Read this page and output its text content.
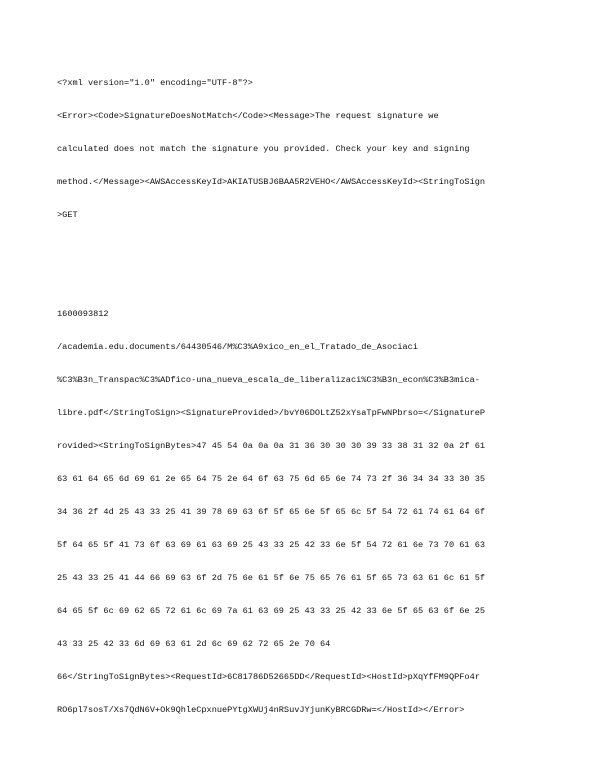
<?xml version="1.0" encoding="UTF-8"?>

<Error><Code>SignatureDoesNotMatch</Code><Message>The request signature we

calculated does not match the signature you provided. Check your key and signing

method.</Message><AWSAccessKeyId>AKIATUSBJ6BAA5R2VEHO</AWSAccessKeyId><StringToSign

>GET

1600093812

/academia.edu.documents/64430546/M%C3%A9xico_en_el_Tratado_de_Asociaci

%C3%B3n_Transpac%C3%ADfico-una_nueva_escala_de_liberalizaci%C3%B3n_econ%C3%B3mica-

libre.pdf</StringToSign><SignatureProvided>/bvY06DOLtZ52xYsaTpFwNPbrso=</SignatureP

rovided><StringToSignBytes>47 45 54 0a 0a 0a 31 36 30 30 30 39 33 38 31 32 0a 2f 61

63 61 64 65 6d 69 61 2e 65 64 75 2e 64 6f 63 75 6d 65 6e 74 73 2f 36 34 34 33 30 35

34 36 2f 4d 25 43 33 25 41 39 78 69 63 6f 5f 65 6e 5f 65 6c 5f 54 72 61 74 61 64 6f

5f 64 65 5f 41 73 6f 63 69 61 63 69 25 43 33 25 42 33 6e 5f 54 72 61 6e 73 70 61 63

25 43 33 25 41 44 66 69 63 6f 2d 75 6e 61 5f 6e 75 65 76 61 5f 65 73 63 61 6c 61 5f

64 65 5f 6c 69 62 65 72 61 6c 69 7a 61 63 69 25 43 33 25 42 33 6e 5f 65 63 6f 6e 25

43 33 25 42 33 6d 69 63 61 2d 6c 69 62 72 65 2e 70 64

66</StringToSignBytes><RequestId>6C81786D52665DD</RequestId><HostId>pXqYfFM9QPFo4r

RO6pl7sosT/Xs7QdN6V+Ok9QhleCpxnuePYtgXWUj4nRSuvJYjunKyBRCGDRw=</HostId></Error>
